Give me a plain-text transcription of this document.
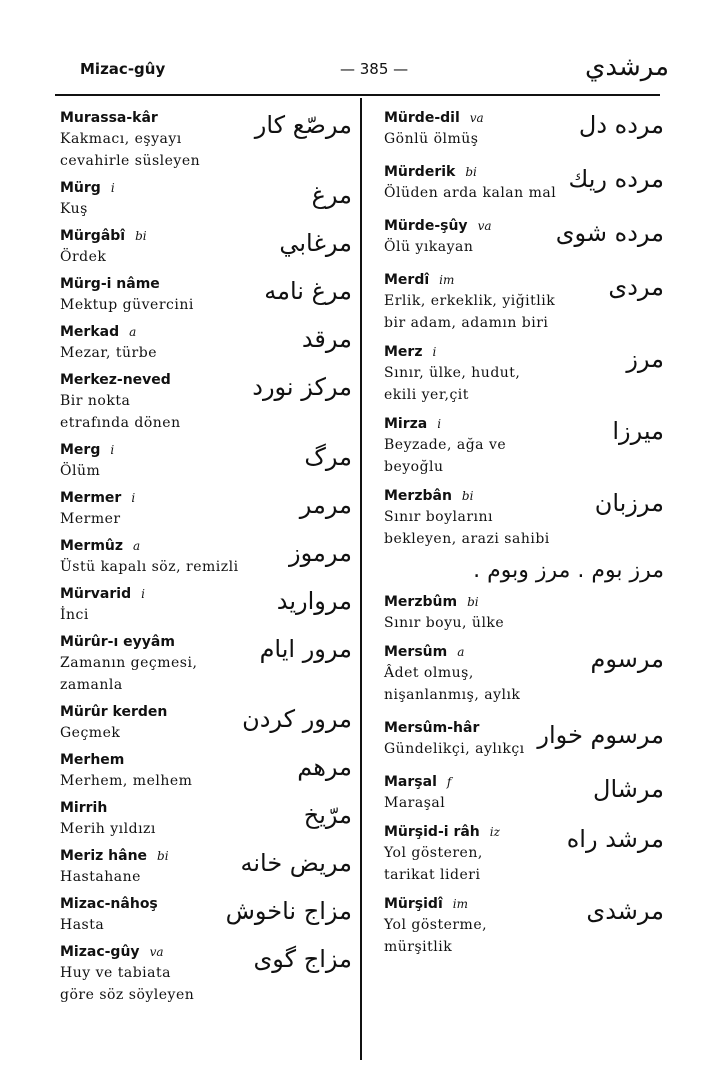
Mizac-gûy	— 385 —	مرشدي
Murassa-kâr
Kakmacı, eşyayı
cevahirle süsleyen
مرصّع كار
Mürg i
Kuş	مرغ
Mürgâbî bi
Ördek	مرغابي
Mürg-i nâme
Mektup güvercini	مرغ نامه
Merkad a
Mezar, türbe	مرقد
Merkez-neved
Bir nokta
etrafında dönen
مركز نورد
Merg i
Ölüm	مرگ
Mermer i
Mermer	مرمر
Mermûz a
Üstü kapalı söz, remizli	مرموز
Mürvarid i
İnci	مرواريد
Mürûr-ı eyyâm
Zamanın geçmesi,
zamanla
مرور ايام
Mürûr kerden
Geçmek	مرور كردن
Merhem
Merhem, melhem	مرهم
Mirrih
Merih yıldızı	مرّيخ
Meriz hâne bi
Hastahane	مريض خانه
Mizac-nâhoş
Hasta	مزاج ناخوش
Mizac-gûy va
Huy ve tabiata
göre söz söyleyen
مزاج گوى
Mürde-dil va
Gönlü ölmüş	مرده دل
Mürderik bi
Ölüden arda kalan mal مرده ريك
Mürde-şûy va
Ölü yıkayan	مرده شوى
Merdî im
Erlik, erkeklik, yiğitlik
bir adam, adamın biri
مردى
Merz i
Sınır, ülke, hudut,
ekili yer,çit
مرز
Mirza i
Beyzade, ağa ve
beyoğlu
ميرزا
Merzbân bi
Sınır boylarını
bekleyen, arazi sahibi
مرزبان
مرز بوم . مرز وبوم .
Merzbûm bi
Sınır boyu, ülke
Mersûm a
Âdet olmuş,
nişanlanmış, aylık
مرسوم
Mersûm-hâr
Gündelikçi, aylıkçı مرسوم خوار
Marşal f
Maraşal	مرشال
Mürşid-i râh iz
Yol gösteren,
tarikat lideri
مرشد راه
Mürşidî im
Yol gösterme,
mürşitlik
مرشدى
